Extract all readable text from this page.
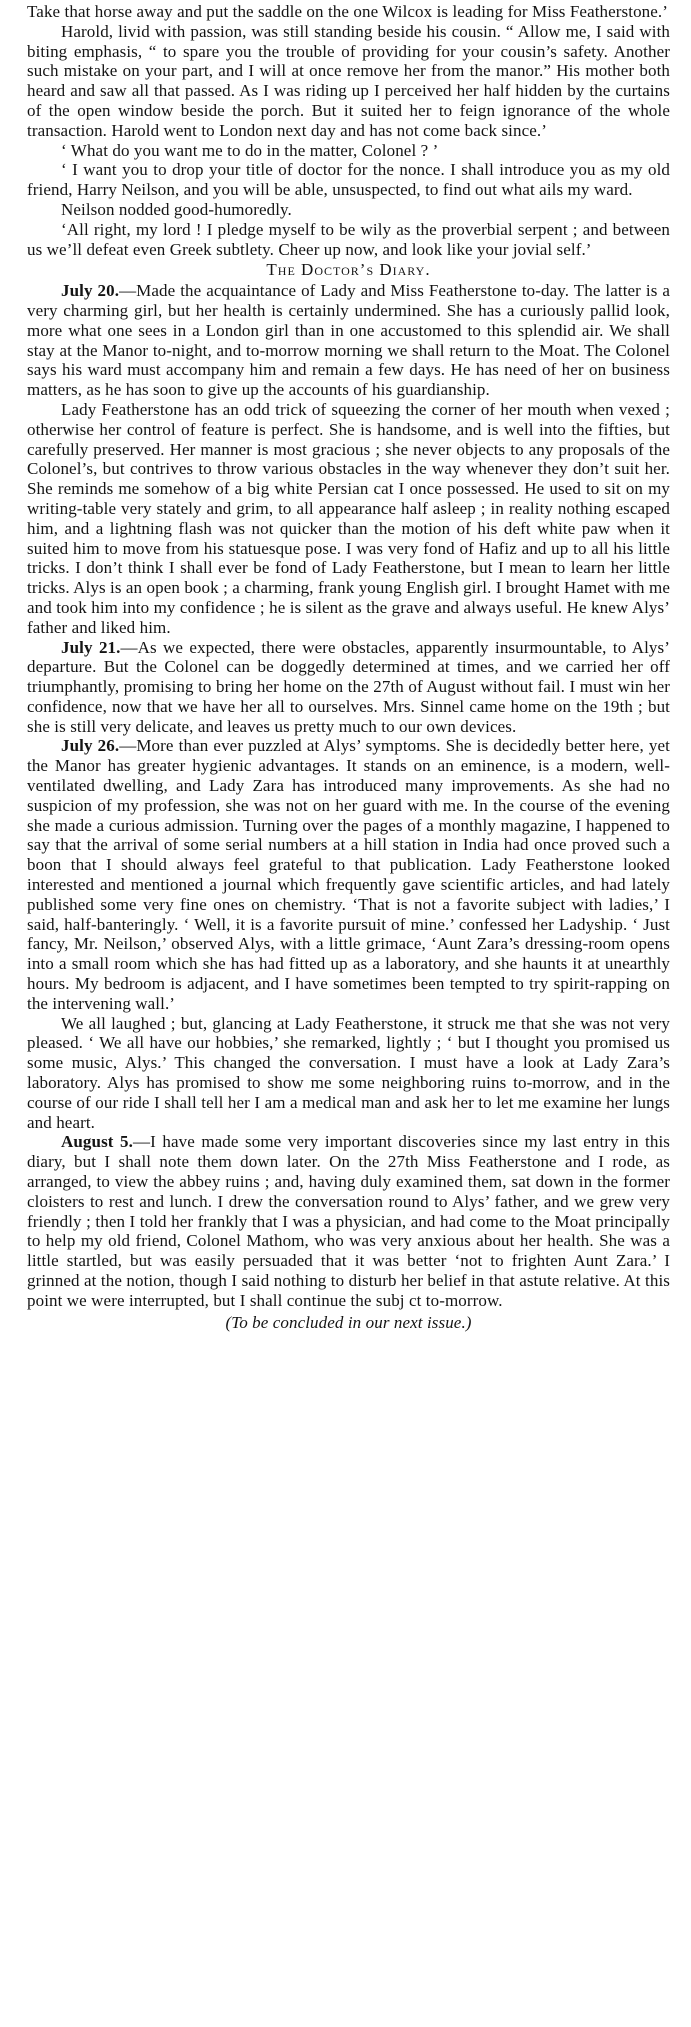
Take that horse away and put the saddle on the one Wilcox is leading for Miss Featherstone.’

Harold, livid with passion, was still standing beside his cousin. “ Allow me, I said with biting emphasis, “ to spare you the trouble of providing for your cousin’s safety. Another such mistake on your part, and I will at once remove her from the manor.” His mother both heard and saw all that passed. As I was riding up I perceived her half hidden by the curtains of the open window beside the porch. But it suited her to feign ignorance of the whole transaction. Harold went to London next day and has not come back since.’

‘ What do you want me to do in the matter, Colonel ? ’

‘ I want you to drop your title of doctor for the nonce. I shall introduce you as my old friend, Harry Neilson, and you will be able, unsuspected, to find out what ails my ward.

Neilson nodded good-humoredly.

‘All right, my lord ! I pledge myself to be wily as the proverbial serpent ; and between us we’ll defeat even Greek subtlety. Cheer up now, and look like your jovial self.’

The Doctor’s Diary.

July 20.—Made the acquaintance of Lady and Miss Featherstone to-day. The latter is a very charming girl, but her health is certainly undermined. She has a curiously pallid look, more what one sees in a London girl than in one accustomed to this splendid air. We shall stay at the Manor to-night, and to-morrow morning we shall return to the Moat. The Colonel says his ward must accompany him and remain a few days. He has need of her on business matters, as he has soon to give up the accounts of his guardianship.

Lady Featherstone has an odd trick of squeezing the corner of her mouth when vexed ; otherwise her control of feature is perfect. She is handsome, and is well into the fifties, but carefully preserved. Her manner is most gracious ; she never objects to any proposals of the Colonel’s, but contrives to throw various obstacles in the way whenever they don’t suit her. She reminds me somehow of a big white Persian cat I once possessed. He used to sit on my writing-table very stately and grim, to all appearance half asleep ; in reality nothing escaped him, and a lightning flash was not quicker than the motion of his deft white paw when it suited him to move from his statuesque pose. I was very fond of Hafiz and up to all his little tricks. I don’t think I shall ever be fond of Lady Featherstone, but I mean to learn her little tricks. Alys is an open book ; a charming, frank young English girl. I brought Hamet with me and took him into my confidence ; he is silent as the grave and always useful. He knew Alys’ father and liked him.

July 21.—As we expected, there were obstacles, apparently insurmountable, to Alys’ departure. But the Colonel can be doggedly determined at times, and we carried her off triumphantly, promising to bring her home on the 27th of August without fail. I must win her confidence, now that we have her all to ourselves. Mrs. Sinnel came home on the 19th ; but she is still very delicate, and leaves us pretty much to our own devices.

July 26.—More than ever puzzled at Alys’ symptoms. She is decidedly better here, yet the Manor has greater hygienic advantages. It stands on an eminence, is a modern, well-ventilated dwelling, and Lady Zara has introduced many improvements. As she had no suspicion of my profession, she was not on her guard with me. In the course of the evening she made a curious admission. Turning over the pages of a monthly magazine, I happened to say that the arrival of some serial numbers at a hill station in India had once proved such a boon that I should always feel grateful to that publication. Lady Featherstone looked interested and mentioned a journal which frequently gave scientific articles, and had lately published some very fine ones on chemistry. ‘That is not a favorite subject with ladies,’ I said, half-banteringly. ‘ Well, it is a favorite pursuit of mine.’ confessed her Ladyship. ‘ Just fancy, Mr. Neilson,’ observed Alys, with a little grimace, ‘Aunt Zara’s dressing-room opens into a small room which she has had fitted up as a laboratory, and she haunts it at unearthly hours. My bedroom is adjacent, and I have sometimes been tempted to try spirit-rapping on the intervening wall.’

We all laughed ; but, glancing at Lady Featherstone, it struck me that she was not very pleased. ‘ We all have our hobbies,’ she remarked, lightly ; ‘ but I thought you promised us some music, Alys.’ This changed the conversation. I must have a look at Lady Zara’s laboratory. Alys has promised to show me some neighboring ruins to-morrow, and in the course of our ride I shall tell her I am a medical man and ask her to let me examine her lungs and heart.

August 5.—I have made some very important discoveries since my last entry in this diary, but I shall note them down later. On the 27th Miss Featherstone and I rode, as arranged, to view the abbey ruins ; and, having duly examined them, sat down in the former cloisters to rest and lunch. I drew the conversation round to Alys’ father, and we grew very friendly ; then I told her frankly that I was a physician, and had come to the Moat principally to help my old friend, Colonel Mathom, who was very anxious about her health. She was a little startled, but was easily persuaded that it was better ‘not to frighten Aunt Zara.’ I grinned at the notion, though I said nothing to disturb her belief in that astute relative. At this point we were interrupted, but I shall continue the subj ct to-morrow.

(To be concluded in our next issue.)
